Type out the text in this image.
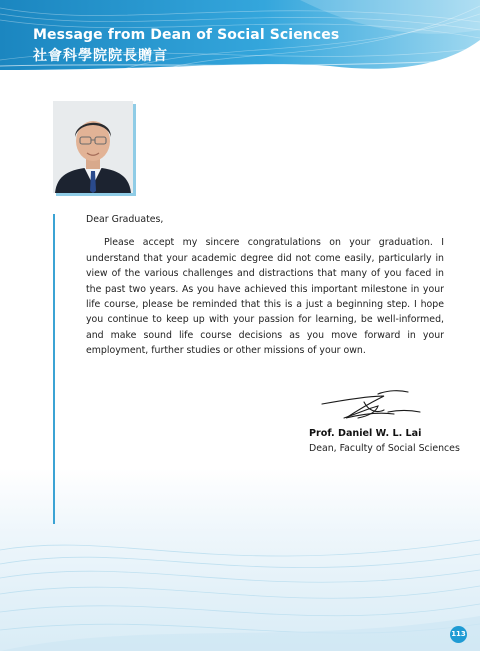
Message from Dean of Social Sciences
社會科學院院長贈言

Dear Graduates,

Please accept my sincere congratulations on your graduation. I understand that your academic degree did not come easily, particularly in view of the various challenges and distractions that many of you faced in the past two years. As you have achieved this important milestone in your life course, please be reminded that this is a just a beginning step. I hope you continue to keep up with your passion for learning, be well-informed, and make sound life course decisions as you move forward in your employment, further studies or other missions of your own.

Prof. Daniel W. L. Lai
Dean, Faculty of Social Sciences
113
